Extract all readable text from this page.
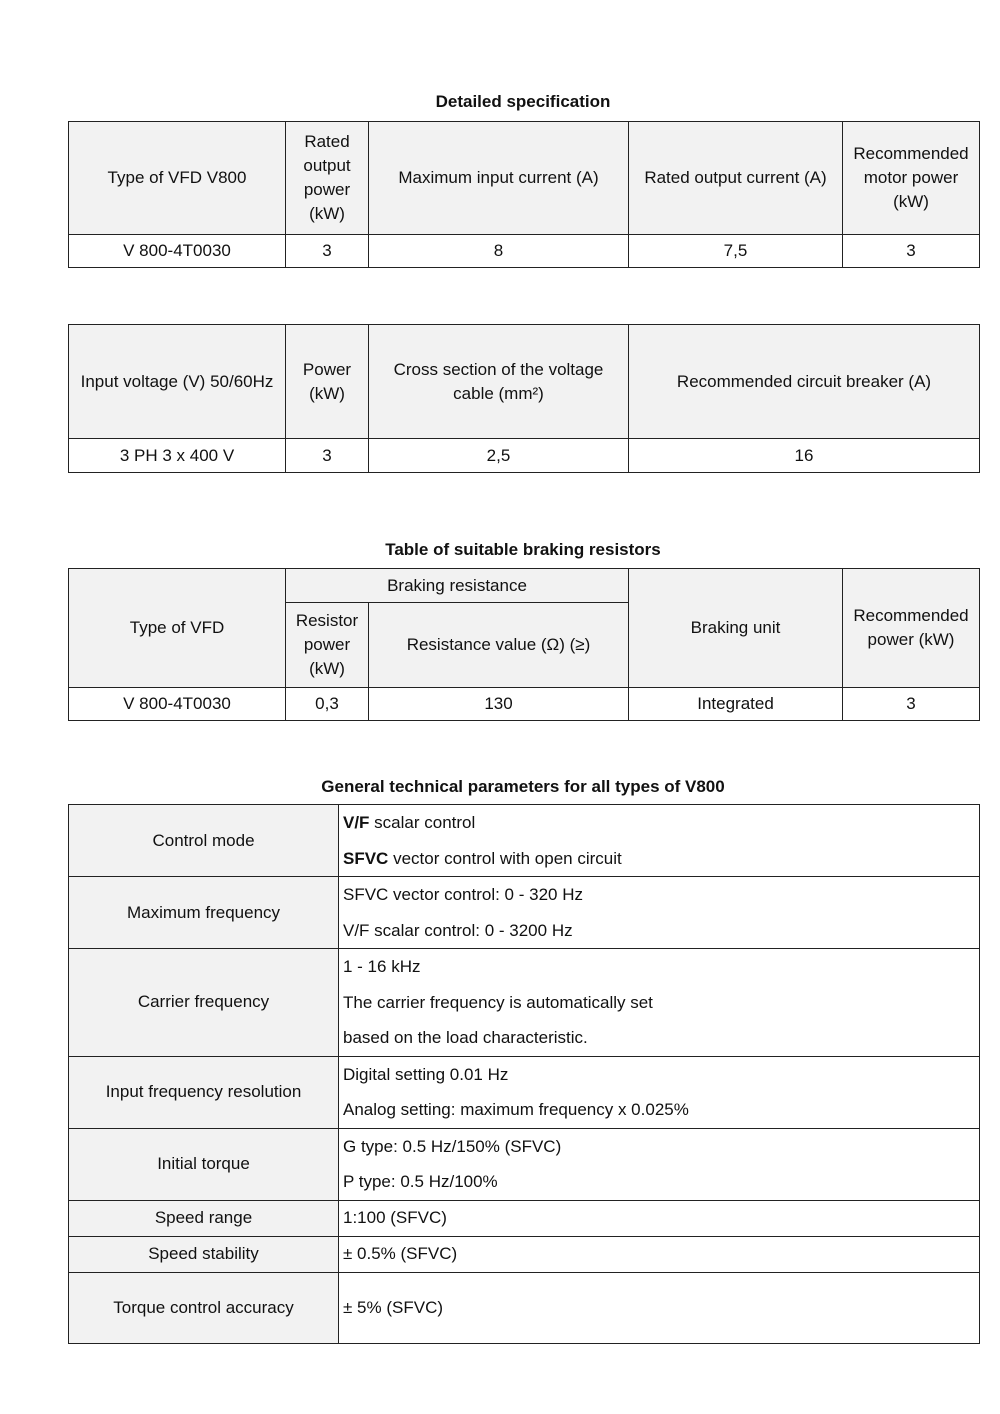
Detailed specification
Type of VFD V800	Rated output power (kW)	Maximum input current (A)	Rated output current (A)	Recommended motor power (kW)
V 800-4T0030	3	8	7,5	3
Input voltage (V) 50/60Hz	Power (kW)	Cross section of the voltage cable (mm²)	Recommended circuit breaker (A)
3 PH 3 x 400 V	3	2,5	16
Table of suitable braking resistors
Type of VFD	Braking resistance		Braking unit	Recommended power (kW)
	Resistor power (kW)	Resistance value (Ω) (≥)		
V 800-4T0030	0,3	130	Integrated	3
General technical parameters for all types of V800
Control mode	V/F scalar control
SFVC vector control with open circuit

Maximum frequency	SFVC vector control: 0 - 320 Hz
V/F scalar control: 0 - 3200 Hz

Carrier frequency	1 - 16 kHz
The carrier frequency is automatically set
based on the load characteristic.

Input frequency resolution	Digital setting 0.01 Hz
Analog setting: maximum frequency x 0.025%

Initial torque	G type: 0.5 Hz/150% (SFVC)
P type: 0.5 Hz/100%

Speed range	1:100 (SFVC)
Speed stability	± 0.5% (SFVC)
Torque control accuracy	± 5% (SFVC)
